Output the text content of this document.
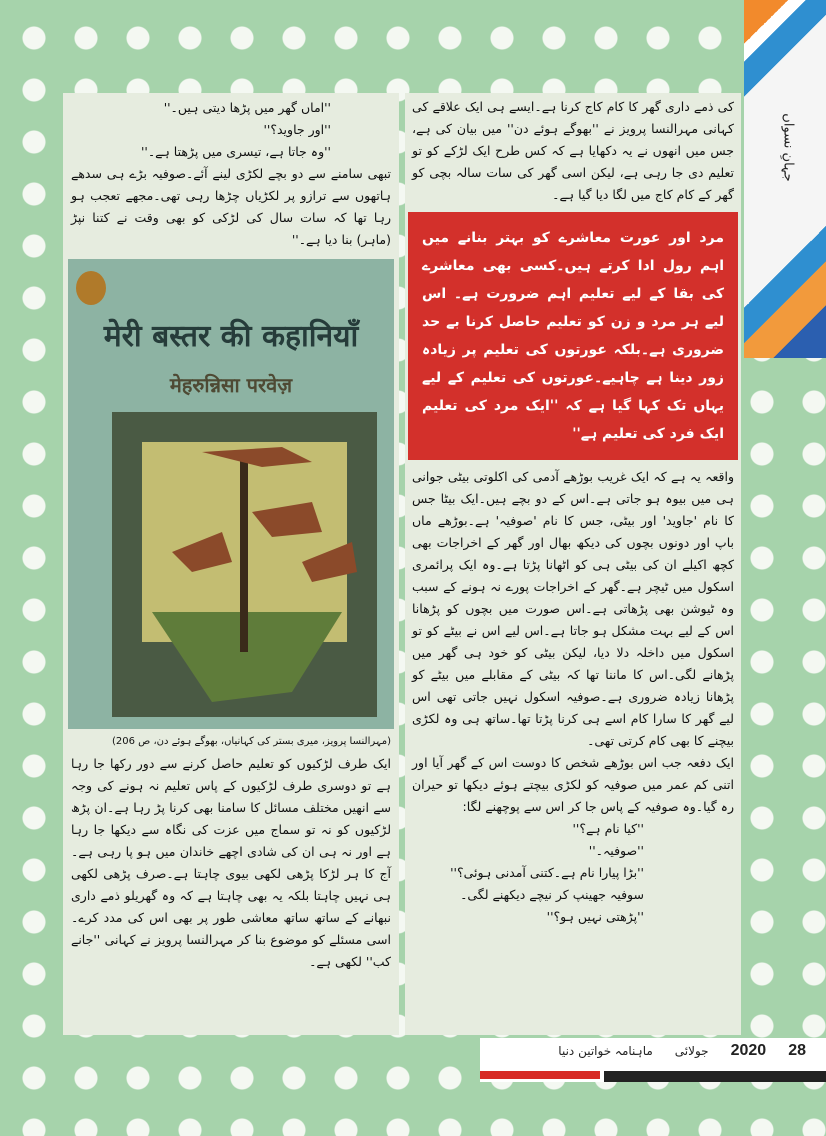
جہانِ نسواں

''اماں گھر میں پڑھا دیتی ہیں۔''

''اور جاوید؟''

''وہ جاتا ہے، تیسری میں پڑھتا ہے۔''

تبھی سامنے سے دو بچے لکڑی لینے آئے۔صوفیہ بڑے ہی سدھے ہاتھوں سے ترازو پر لکڑیاں چڑھا رہی تھی۔مجھے تعجب ہو رہا تھا کہ سات سال کی لڑکی کو بھی وقت نے کتنا نپڑ (ماہر) بنا دیا ہے۔''

मेरी बस्तर की कहानियाँ
मेहरुन्निसा परवेज़
(مہرالنسا پرویز، میری بستر کی کہانیاں، بھوگے ہوئے دن، ص 206)

ایک طرف لڑکیوں کو تعلیم حاصل کرنے سے دور رکھا جا رہا ہے تو دوسری طرف لڑکیوں کے پاس تعلیم نہ ہونے کی وجہ سے انھیں مختلف مسائل کا سامنا بھی کرنا پڑ رہا ہے۔ان پڑھ لڑکیوں کو نہ تو سماج میں عزت کی نگاہ سے دیکھا جا رہا ہے اور نہ ہی ان کی شادی اچھے خاندان میں ہو پا رہی ہے۔ آج کا ہر لڑکا پڑھی لکھی بیوی چاہتا ہے۔صرف پڑھی لکھی ہی نہیں چاہتا بلکہ یہ بھی چاہتا ہے کہ وہ گھریلو ذمے داری نبھانے کے ساتھ ساتھ معاشی طور پر بھی اس کی مدد کرے۔اسی مسئلے کو موضوع بنا کر مہرالنسا پرویز نے کہانی ''جانے کب'' لکھی ہے۔

کی ذمے داری گھر کا کام کاج کرنا ہے۔ایسے ہی ایک علاقے کی کہانی مہرالنسا پرویز نے ''بھوگے ہوئے دن'' میں بیان کی ہے، جس میں انھوں نے یہ دکھایا ہے کہ کس طرح ایک لڑکے کو تو تعلیم دی جا رہی ہے، لیکن اسی گھر کی سات سالہ بچی کو گھر کے کام کاج میں لگا دیا گیا ہے۔

مرد اور عورت معاشرے کو بہتر بنانے میں اہم رول ادا کرتے ہیں۔کسی بھی معاشرے کی بقا کے لیے تعلیم اہم ضرورت ہے۔ اس لیے ہر مرد و زن کو تعلیم حاصل کرنا بے حد ضروری ہے۔بلکہ عورتوں کی تعلیم پر زیادہ زور دینا ہے چاہیے۔عورتوں کی تعلیم کے لیے یہاں تک کہا گیا ہے کہ ''ایک مرد کی تعلیم ایک فرد کی تعلیم ہے''

واقعہ یہ ہے کہ ایک غریب بوڑھے آدمی کی اکلوتی بیٹی جوانی ہی میں بیوہ ہو جاتی ہے۔اس کے دو بچے ہیں۔ایک بیٹا جس کا نام 'جاوید' اور بیٹی، جس کا نام 'صوفیہ' ہے۔بوڑھے ماں باپ اور دونوں بچوں کی دیکھ بھال اور گھر کے اخراجات بھی کچھ اکیلے ان کی بیٹی ہی کو اٹھانا پڑتا ہے۔وہ ایک پرائمری اسکول میں ٹیچر ہے۔گھر کے اخراجات پورے نہ ہونے کے سبب وہ ٹیوشن بھی پڑھاتی ہے۔اس صورت میں بچوں کو پڑھانا اس کے لیے بہت مشکل ہو جاتا ہے۔اس لیے اس نے بیٹے کو تو اسکول میں داخلہ دلا دیا، لیکن بیٹی کو خود ہی گھر میں پڑھانے لگی۔اس کا ماننا تھا کہ بیٹی کے مقابلے میں بیٹے کو پڑھانا زیادہ ضروری ہے۔صوفیہ اسکول نہیں جاتی تھی اس لیے گھر کا سارا کام اسے ہی کرنا پڑتا تھا۔ساتھ ہی وہ لکڑی بیچنے کا بھی کام کرتی تھی۔

ایک دفعہ جب اس بوڑھے شخص کا دوست اس کے گھر آیا اور اتنی کم عمر میں صوفیہ کو لکڑی بیچتے ہوئے دیکھا تو حیران رہ گیا۔وہ صوفیہ کے پاس جا کر اس سے پوچھنے لگا:

''کیا نام ہے؟''

''صوفیہ۔''

''بڑا پیارا نام ہے۔کتنی آمدنی ہوئی؟''

سوفیہ جھینپ کر نیچے دیکھنے لگی۔

''پڑھتی نہیں ہو؟''

28
2020
جولائی
ماہنامہ خواتین دنیا
